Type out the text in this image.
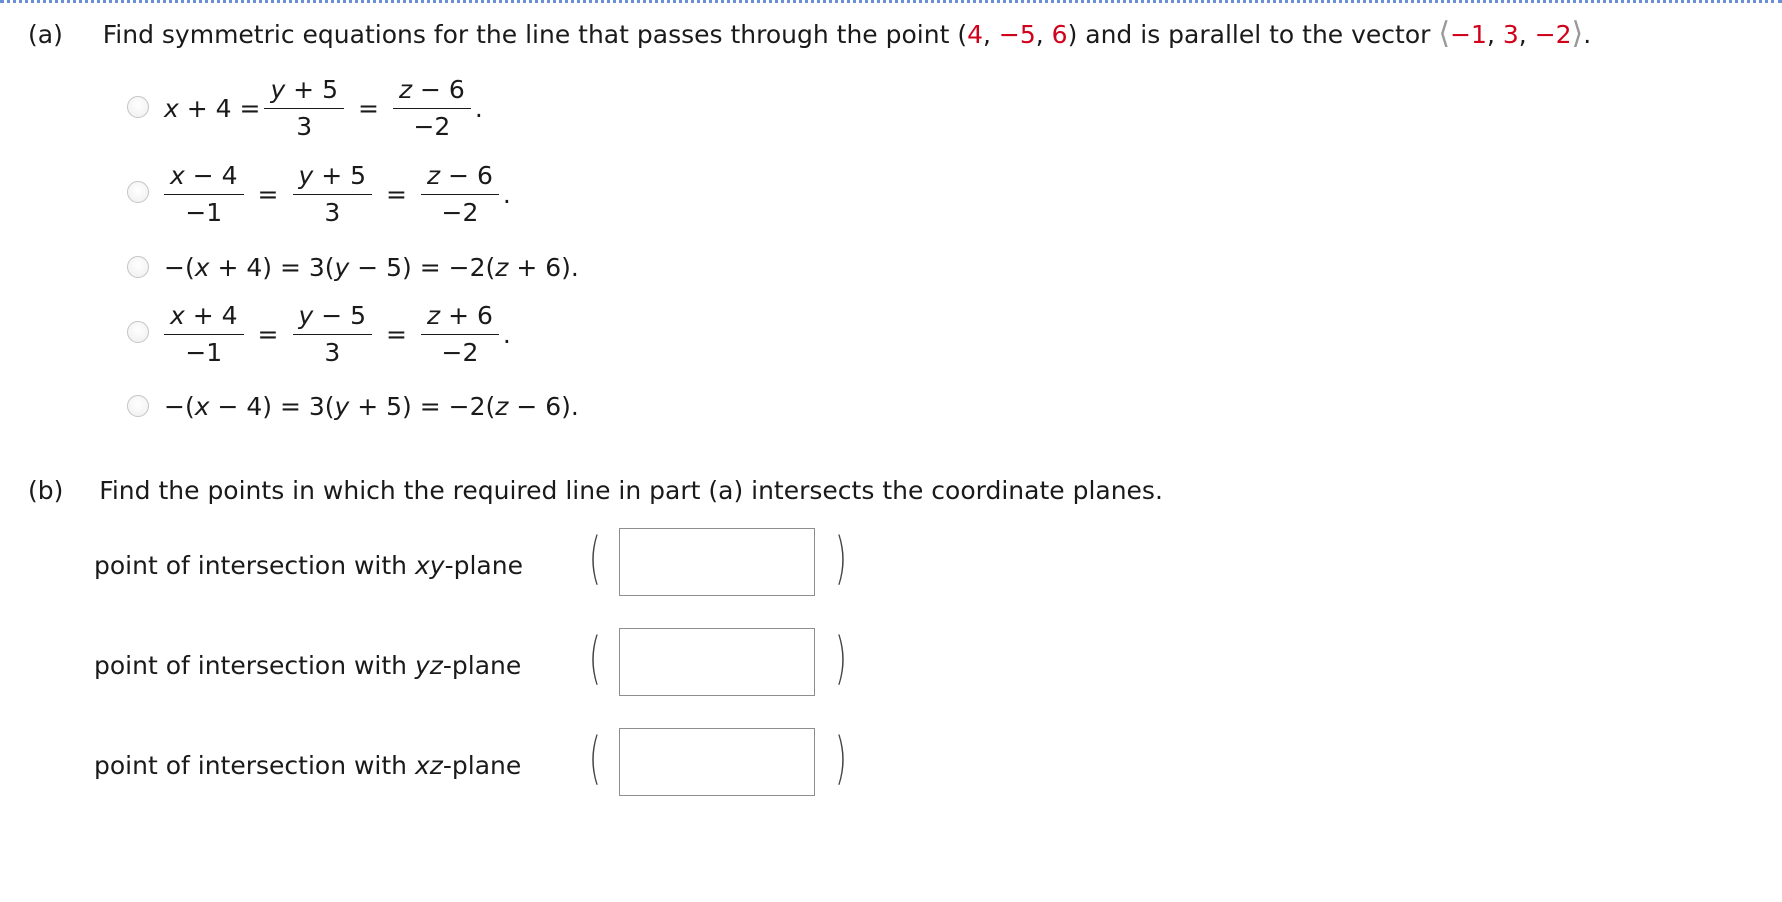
(a) Find symmetric equations for the line that passes through the point (4, −5, 6) and is parallel to the vector ⟨−1, 3, −2⟩.
$x + 4 = \frac{y + 5}{3} = \frac{z - 6}{-2}$ .
$\frac{x - 4}{-1} = \frac{y + 5}{3} = \frac{z - 6}{-2}$ .
−(x + 4) = 3(y − 5) = −2(z + 6).
$\frac{x + 4}{-1} = \frac{y - 5}{3} = \frac{z + 6}{-2}$ .
−(x − 4) = 3(y + 5) = −2(z − 6).
(b) Find the points in which the required line in part (a) intersects the coordinate planes.
point of intersection with xy-plane (	)
point of intersection with yz-plane (	)
point of intersection with xz-plane (	)
